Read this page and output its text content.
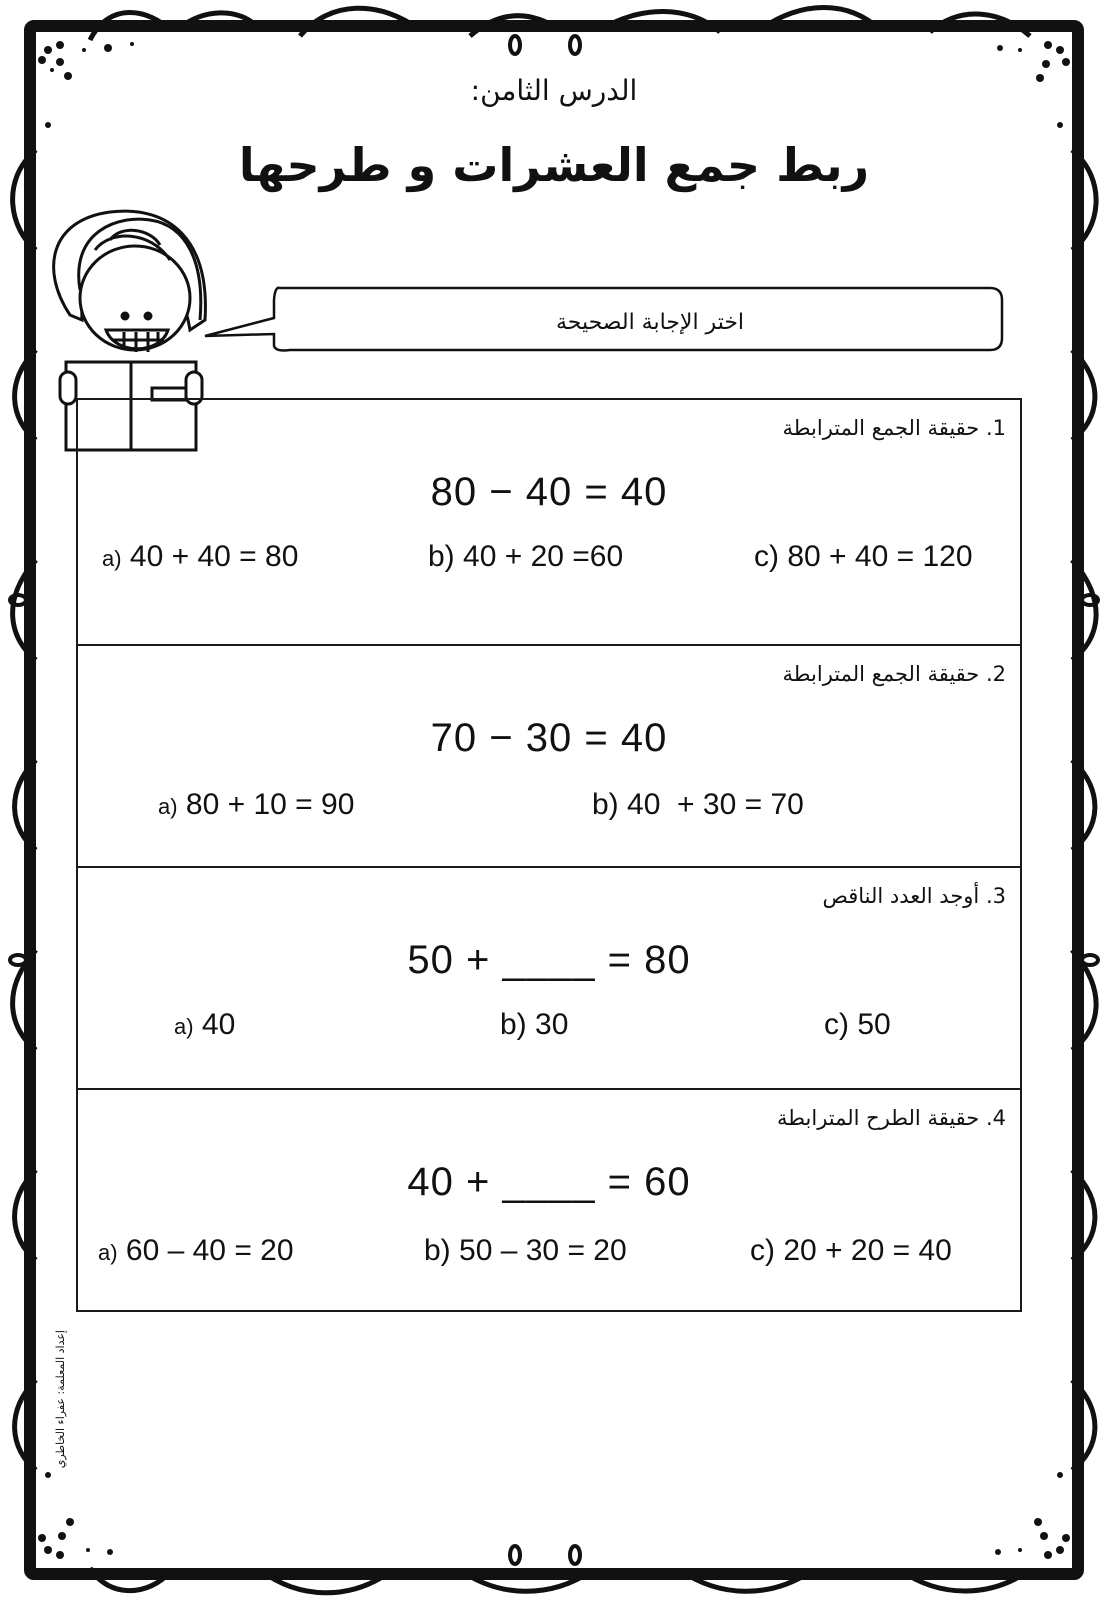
الدرس الثامن:
ربط جمع العشرات و طرحها
اختر الإجابة الصحيحة
1. حقيقة الجمع المترابطة
80 − 40 = 40
a) 40 + 40 = 80	b) 40 + 20 =60	c) 80 + 40 = 120
2. حقيقة الجمع المترابطة
70 − 30 = 40
a) 80 + 10 = 90	b) 40  + 30 = 70
3. أوجد العدد الناقص
50 + ____ = 80
a) 40	b) 30	c) 50
4. حقيقة الطرح المترابطة
40 + ____ = 60
a) 60 – 40 = 20	b) 50 – 30 = 20	c) 20 + 20 = 40
إعداد المعلمة: عفراء الخاطري
